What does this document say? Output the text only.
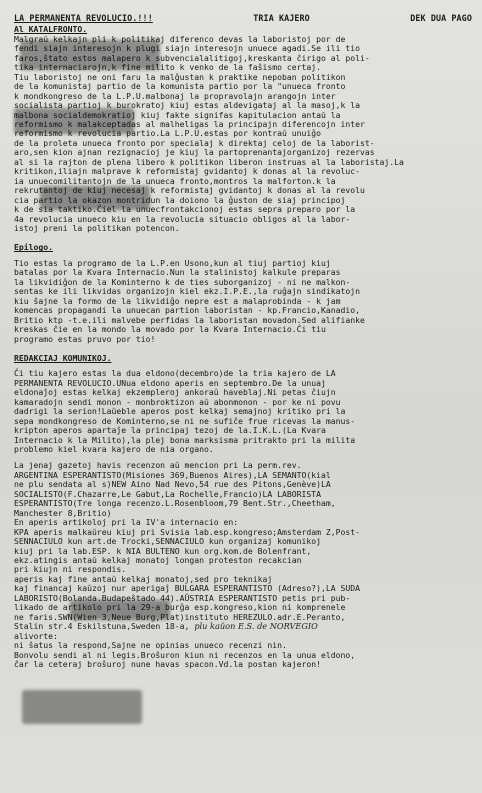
LA PERMANENTA REVOLUCIO.!!!	TRIA KAJERO	DEK DUA PAGO
Al KATALFRONTO.

Malgraŭ kelkajn pli k politikaj diferenco devas la laboristoj por de

fendi siajn interesojn k plugi siajn interesojn unuece agadi.Se ili tio

faros,ŝtato estos malapero k subvencialalitigoj,kreskanta ĉirigo al poli-

tika internaciarojn,k fine milito k venko de la faŝismo certaj.

Tiu laboristoj ne oni faru la malĝustan k praktike nepoban politikon

de la komunistaj partio de la komunista partio por la "unueca fronto

k mondkongreso de la L.P.U.malbonaj la propravolajn arangojn inter

socialista partioj k burokratoj kiuj estas aldevigataj al la masoj,k la

malbona socialdemokratioj kiuj fakte signifas kapitulacion antaŭ la

reformismo k malakceptadas al malheligas la principajn diferencojn inter

reformismo k revolucia partio.La L.P.U.estas por kontraŭ unuiĝo

de la proleta unueca fronto por specialaj k direktaj celoj de la laborist-

aro,sen kion ajnan rezignacioj je kiuj la partoprenantajorganizoj rezervas

al si la rajton de plena libero k politikon liberon instruas al la laboristaj.La

kritikon,iliajn malprave k reformistaj gvidantoj k donas al la revoluc-

ia unuecomilitantojn de la unueca fronto,montros la malforton.k la

rekrutantoj de kiuj necesaj k reformistaj gvidantoj k donas al la revolu

cia partio la okazon montridun la doiono la ĝuston de siaj principoj

k de sia taktiko.Ĉiel la unuecfrontakcionoj estas sepra preparo por la

4a revolucia unueco kiu en la revolucia situacio obligos al la labor-

istoj preni la politikan potencon.

Epilogo.

Tio estas la programo de la L.P.en Usono,kun al tiuj partioj kiuj

batalas por la Kvara Internacio.Nun la stalinistoj kalkule preparas

la likvidiĝon de la Kominterno k de ties suborganizoj - ni ne malkon-

sentas ke ili likvidas organizojn kiel ekz.I.P.E.,la ruĝajn sindikatojn

kiu ŝajne la formo de la likvidiĝo nepre est a malaprobinda - k jam

komencas propagandi la unuecan partion laboristan - kp.Francio,Kanadio,

Britio ktp -t.e.ili malvebe perfidas la laboristan movadon.Sed alifianke

kreskas ĉie en la mondo la movado por la Kvara Internacio.Ĉi tiu

programo estas pruvo por tio!

REDAKCIAJ KOMUNIKOJ.

Ĉi tiu kajero estas la dua eldono(decembro)de la tria kajero de LA

PERMANENTA REVOLUCIO.UNua eldono aperis en septembro.De la unuaj

eldonaĵoj estas kelkaj ekzempleroj ankoraŭ haveblaj.Ni petas ĉiujn

kamaradojn sendi monon - monbroktizon aŭ abonmonon - por ke ni povu

dadrigi la serion!Laŭeble aperos post kelkaj semajnoj kritiko pri la

sepa mondkongreso de Kominterno,se ni ne sufiĉe frue ricevas la manus-

kripton aperos apartaĵe la principaj tezoj de la.I.K.L.(La Kvara

Internacio k la Milito),la plej bona marksisma pritrakto pri la milita

problemo kiel kvara kajero de nia organo.

La jenaj gazetoj havis recenzon aŭ mencion pri La perm.rev.

ARGENTINA ESPERANTISTO(Misiones 369,Buenos Aires),LA SEMANTO(kial

ne plu sendata al s)NEW Aino Nad Nevo,54 rue des Pitons,Genève)LA

SOCIALISTO(F.Chazarre,Le Gabut,La Rochelle,Francio)LA LABORISTA

ESPERANTISTO(Tre longa recenzo.L.Rosenbloom,79 Bent.Str.,Cheetham,

Manchester 8,Britio)

En aperis artikoloj pri la IV'a internacio en:

KPA aperis malkaŭreu kiuj pri Svisia lab.esp.kongreso;Amsterdam Z,Post-

SENNACIULO kun art.de Trocki,SENNACIULO kun organizaj komunikoj

kiuj pri la lab.ESP. k NIA BULTENO kun org.kom.de Bolenfrant,

ekz.atingis antaŭ kelkaj monatoj longan proteston recakcian

pri kiujn ni respondis.

aperis kaj fine antaŭ kelkaj monatoj,sed pro teknikaj

kaj financaj kaŭzoj nur aperigaĵ BULGARA ESPERANTISTO (Adreso?),LA SUDA

LABORISTO(Bolanda.Budapeŝtado 44).AŬSTRIA ESPERANTISTO petis pri pub-

likado de artikolo pri la 29-a burĝa esp.kongreso,kion ni komprenele

ne faris.SWN(Wien 3,Neue Burg,Plat)instituto HEREZULO.adr.E.Peranto,

Stalin str.4 Eskilstuna,Sweden 18-a, plu kaŭon E.S. de NORVEGIO

alivorte:

ni ŝatus la respond,Sajne ne opinias unueco recenzi nin.

Bonvolu sendi al ni legis.Broŝuron kiun ni recenzos en la unua eldono,

ĉar la ceteraj broŝuroj nune havas spacon.Vd.la postan kajeron!
